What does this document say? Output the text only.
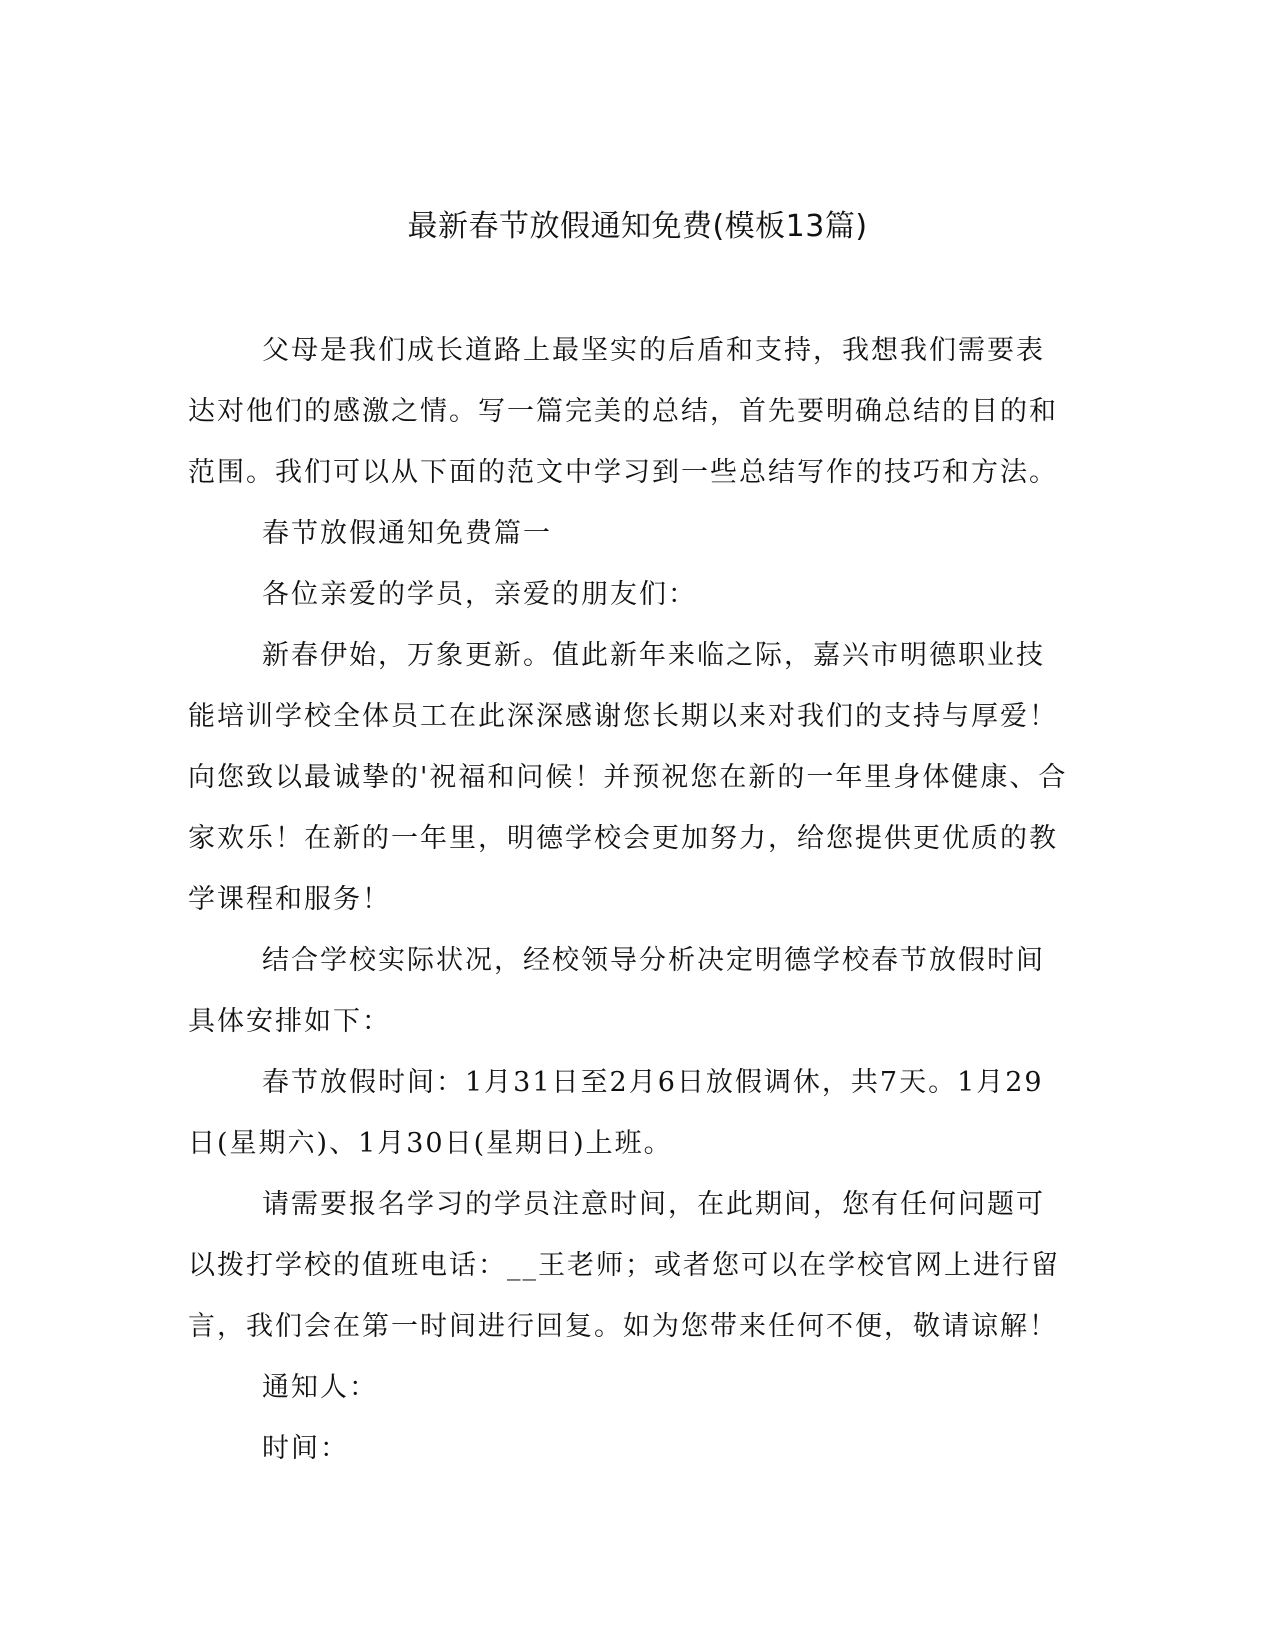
最新春节放假通知免费(模板13篇)

父母是我们成长道路上最坚实的后盾和支持，我想我们需要表达对他们的感激之情。写一篇完美的总结，首先要明确总结的目的和范围。我们可以从下面的范文中学习到一些总结写作的技巧和方法。

春节放假通知免费篇一

各位亲爱的学员，亲爱的朋友们：

新春伊始，万象更新。值此新年来临之际，嘉兴市明德职业技能培训学校全体员工在此深深感谢您长期以来对我们的支持与厚爱！向您致以最诚挚的'祝福和问候！并预祝您在新的一年里身体健康、合家欢乐！在新的一年里，明德学校会更加努力，给您提供更优质的教学课程和服务！

结合学校实际状况，经校领导分析决定明德学校春节放假时间具体安排如下：

春节放假时间：1月31日至2月6日放假调休，共7天。1月29日(星期六)、1月30日(星期日)上班。

请需要报名学习的学员注意时间，在此期间，您有任何问题可以拨打学校的值班电话：__王老师；或者您可以在学校官网上进行留言，我们会在第一时间进行回复。如为您带来任何不便，敬请谅解！

通知人：

时间：
